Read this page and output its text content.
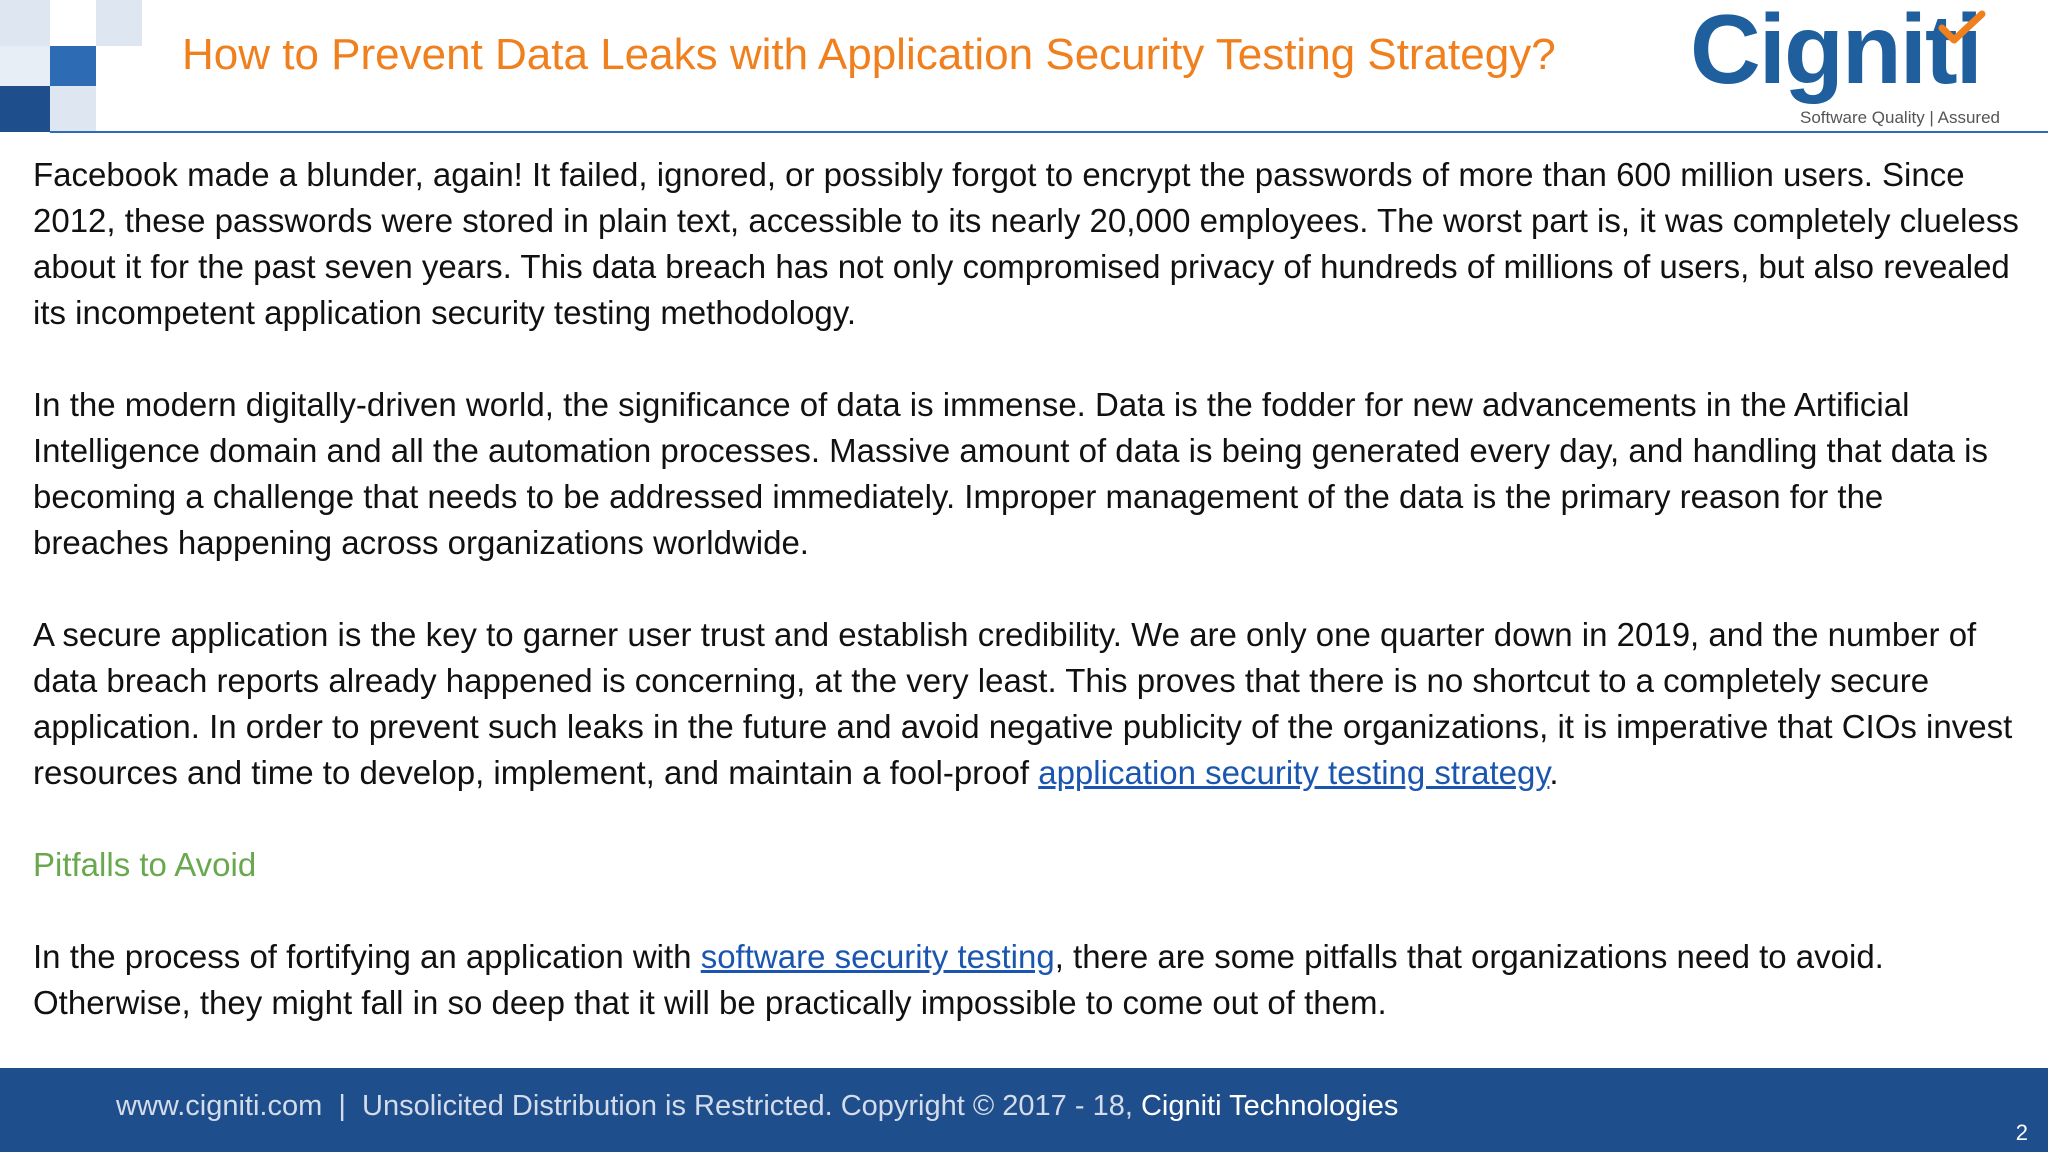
How to Prevent Data Leaks with Application Security Testing Strategy? Cigniti
Software Quality | Assured

Facebook made a blunder, again! It failed, ignored, or possibly forgot to encrypt the passwords of more than 600 million users. Since 2012, these passwords were stored in plain text, accessible to its nearly 20,000 employees. The worst part is, it was completely clueless about it for the past seven years. This data breach has not only compromised privacy of hundreds of millions of users, but also revealed its incompetent application security testing methodology.

In the modern digitally-driven world, the significance of data is immense. Data is the fodder for new advancements in the Artificial Intelligence domain and all the automation processes. Massive amount of data is being generated every day, and handling that data is becoming a challenge that needs to be addressed immediately. Improper management of the data is the primary reason for the breaches happening across organizations worldwide.

A secure application is the key to garner user trust and establish credibility. We are only one quarter down in 2019, and the number of data breach reports already happened is concerning, at the very least. This proves that there is no shortcut to a completely secure application. In order to prevent such leaks in the future and avoid negative publicity of the organizations, it is imperative that CIOs invest resources and time to develop, implement, and maintain a fool-proof application security testing strategy.

Pitfalls to Avoid

In the process of fortifying an application with software security testing, there are some pitfalls that organizations need to avoid. Otherwise, they might fall in so deep that it will be practically impossible to come out of them.

www.cigniti.com  |  Unsolicited Distribution is Restricted. Copyright © 2017 - 18, Cigniti Technologies
2
